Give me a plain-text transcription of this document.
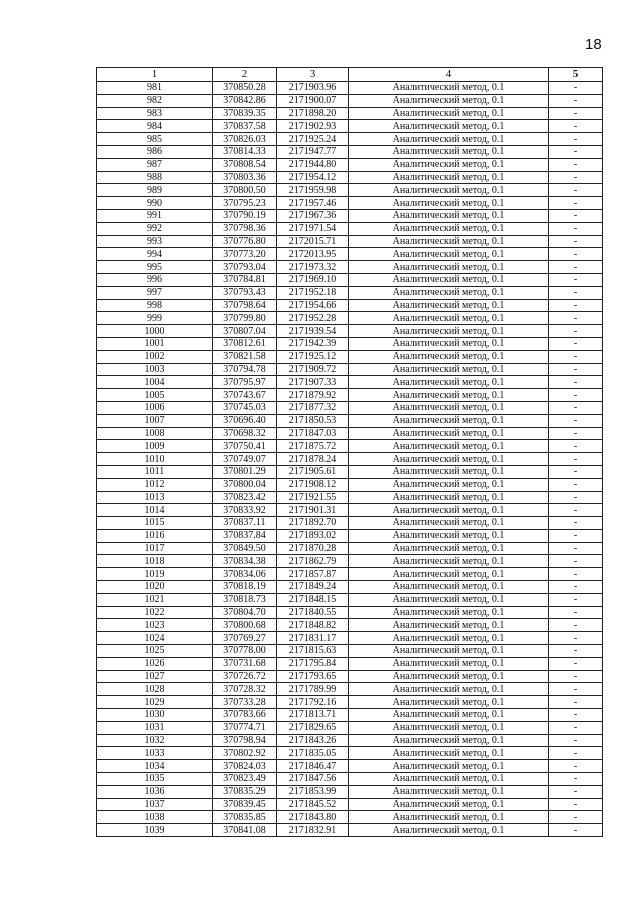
18
1	2	3	4	5
981	370850.28	2171903.96	Аналитический метод, 0.1	-
982	370842.86	2171900.07	Аналитический метод, 0.1	-
983	370839.35	2171898.20	Аналитический метод, 0.1	-
984	370837.58	2171902.93	Аналитический метод, 0.1	-
985	370826.03	2171925.24	Аналитический метод, 0.1	-
986	370814.33	2171947.77	Аналитический метод, 0.1	-
987	370808.54	2171944.80	Аналитический метод, 0.1	-
988	370803.36	2171954.12	Аналитический метод, 0.1	-
989	370800.50	2171959.98	Аналитический метод, 0.1	-
990	370795.23	2171957.46	Аналитический метод, 0.1	-
991	370790.19	2171967.36	Аналитический метод, 0.1	-
992	370798.36	2171971.54	Аналитический метод, 0.1	-
993	370776.80	2172015.71	Аналитический метод, 0.1	-
994	370773.20	2172013.95	Аналитический метод, 0.1	-
995	370793.04	2171973.32	Аналитический метод, 0.1	-
996	370784.81	2171969.10	Аналитический метод, 0.1	-
997	370793.43	2171952.18	Аналитический метод, 0.1	-
998	370798.64	2171954.66	Аналитический метод, 0.1	-
999	370799.80	2171952.28	Аналитический метод, 0.1	-
1000	370807.04	2171939.54	Аналитический метод, 0.1	-
1001	370812.61	2171942.39	Аналитический метод, 0.1	-
1002	370821.58	2171925.12	Аналитический метод, 0.1	-
1003	370794.78	2171909.72	Аналитический метод, 0.1	-
1004	370795.97	2171907.33	Аналитический метод, 0.1	-
1005	370743.67	2171879.92	Аналитический метод, 0.1	-
1006	370745.03	2171877.32	Аналитический метод, 0.1	-
1007	370696.40	2171850.53	Аналитический метод, 0.1	-
1008	370698.32	2171847.03	Аналитический метод, 0.1	-
1009	370750.41	2171875.72	Аналитический метод, 0.1	-
1010	370749.07	2171878.24	Аналитический метод, 0.1	-
1011	370801.29	2171905.61	Аналитический метод, 0.1	-
1012	370800.04	2171908.12	Аналитический метод, 0.1	-
1013	370823.42	2171921.55	Аналитический метод, 0.1	-
1014	370833.92	2171901.31	Аналитический метод, 0.1	-
1015	370837.11	2171892.70	Аналитический метод, 0.1	-
1016	370837.84	2171893.02	Аналитический метод, 0.1	-
1017	370849.50	2171870.28	Аналитический метод, 0.1	-
1018	370834.38	2171862.79	Аналитический метод, 0.1	-
1019	370834.06	2171857.87	Аналитический метод, 0.1	-
1020	370818.19	2171849.24	Аналитический метод, 0.1	-
1021	370818.73	2171848.15	Аналитический метод, 0.1	-
1022	370804.70	2171840.55	Аналитический метод, 0.1	-
1023	370800.68	2171848.82	Аналитический метод, 0.1	-
1024	370769.27	2171831.17	Аналитический метод, 0.1	-
1025	370778.00	2171815.63	Аналитический метод, 0.1	-
1026	370731.68	2171795.84	Аналитический метод, 0.1	-
1027	370726.72	2171793.65	Аналитический метод, 0.1	-
1028	370728.32	2171789.99	Аналитический метод, 0.1	-
1029	370733.28	2171792.16	Аналитический метод, 0.1	-
1030	370783.66	2171813.71	Аналитический метод, 0.1	-
1031	370774.71	2171829.65	Аналитический метод, 0.1	-
1032	370798.94	2171843.26	Аналитический метод, 0.1	-
1033	370802.92	2171835.05	Аналитический метод, 0.1	-
1034	370824.03	2171846.47	Аналитический метод, 0.1	-
1035	370823.49	2171847.56	Аналитический метод, 0.1	-
1036	370835.29	2171853.99	Аналитический метод, 0.1	-
1037	370839.45	2171845.52	Аналитический метод, 0.1	-
1038	370835.85	2171843.80	Аналитический метод, 0.1	-
1039	370841.08	2171832.91	Аналитический метод, 0.1	-
